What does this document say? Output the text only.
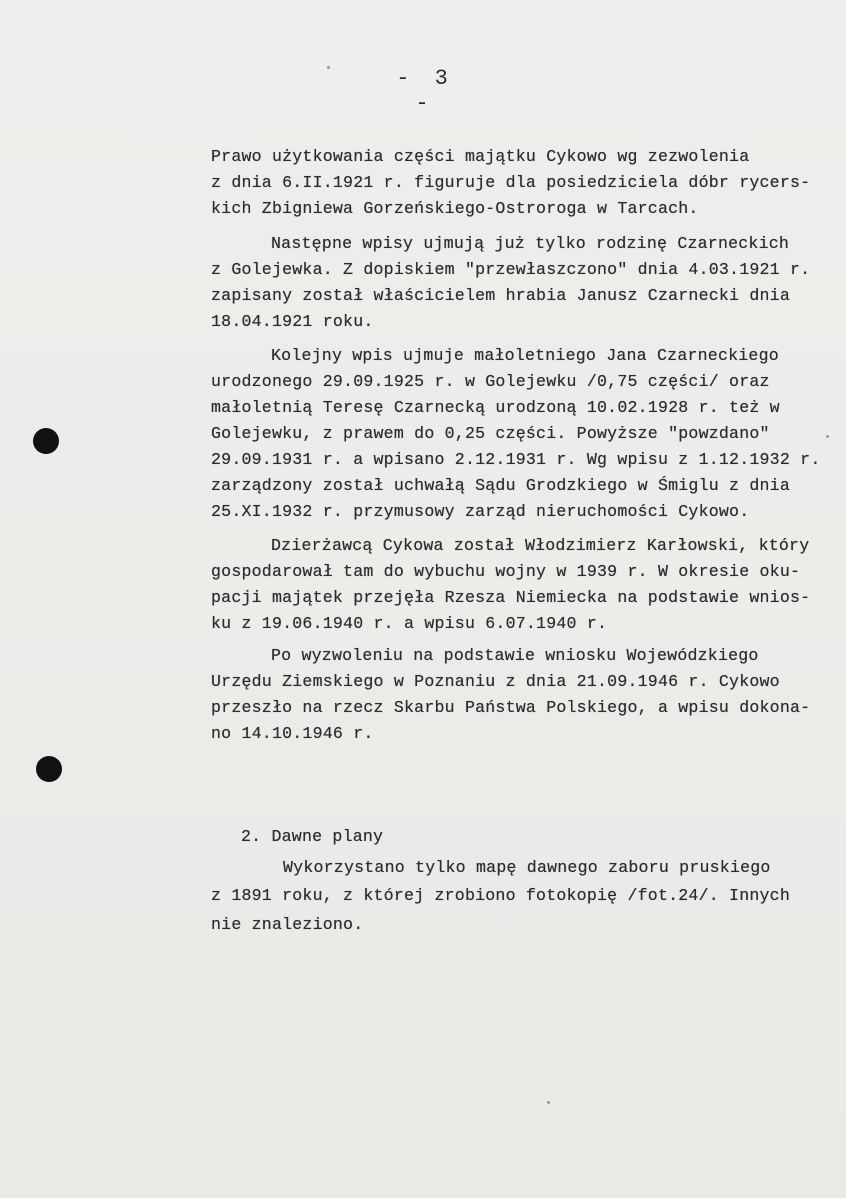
- 3 -
Prawo użytkowania części majątku Cykowo wg zezwolenia
z dnia 6.II.1921 r. figuruje dla posiedziciela dóbr rycers-
kich Zbigniewa Gorzeńskiego-Ostroroga w Tarcach.
Następne wpisy ujmują już tylko rodzinę Czarneckich
z Golejewka. Z dopiskiem "przewłaszczono" dnia 4.03.1921 r.
zapisany został właścicielem hrabia Janusz Czarnecki dnia
18.04.1921 roku.
Kolejny wpis ujmuje małoletniego Jana Czarneckiego
urodzonego 29.09.1925 r. w Golejewku /0,75 części/ oraz
małoletnią Teresę Czarnecką urodzoną 10.02.1928 r. też w
Golejewku, z prawem do 0,25 części. Powyższe "powzdano"
29.09.1931 r. a wpisano 2.12.1931 r. Wg wpisu z 1.12.1932 r.
zarządzony został uchwałą Sądu Grodzkiego w Śmiglu z dnia
25.XI.1932 r. przymusowy zarząd nieruchomości Cykowo.
Dzierżawcą Cykowa został Włodzimierz Karłowski, który
gospodarował tam do wybuchu wojny w 1939 r. W okresie oku-
pacji majątek przejęła Rzesza Niemiecka na podstawie wnios-
ku z 19.06.1940 r. a wpisu 6.07.1940 r.
Po wyzwoleniu na podstawie wniosku Wojewódzkiego
Urzędu Ziemskiego w Poznaniu z dnia 21.09.1946 r. Cykowo
przeszło na rzecz Skarbu Państwa Polskiego, a wpisu dokona-
no 14.10.1946 r.
2. Dawne plany
Wykorzystano tylko mapę dawnego zaboru pruskiego
z 1891 roku, z której zrobiono fotokopię /fot.24/. Innych
nie znaleziono.
